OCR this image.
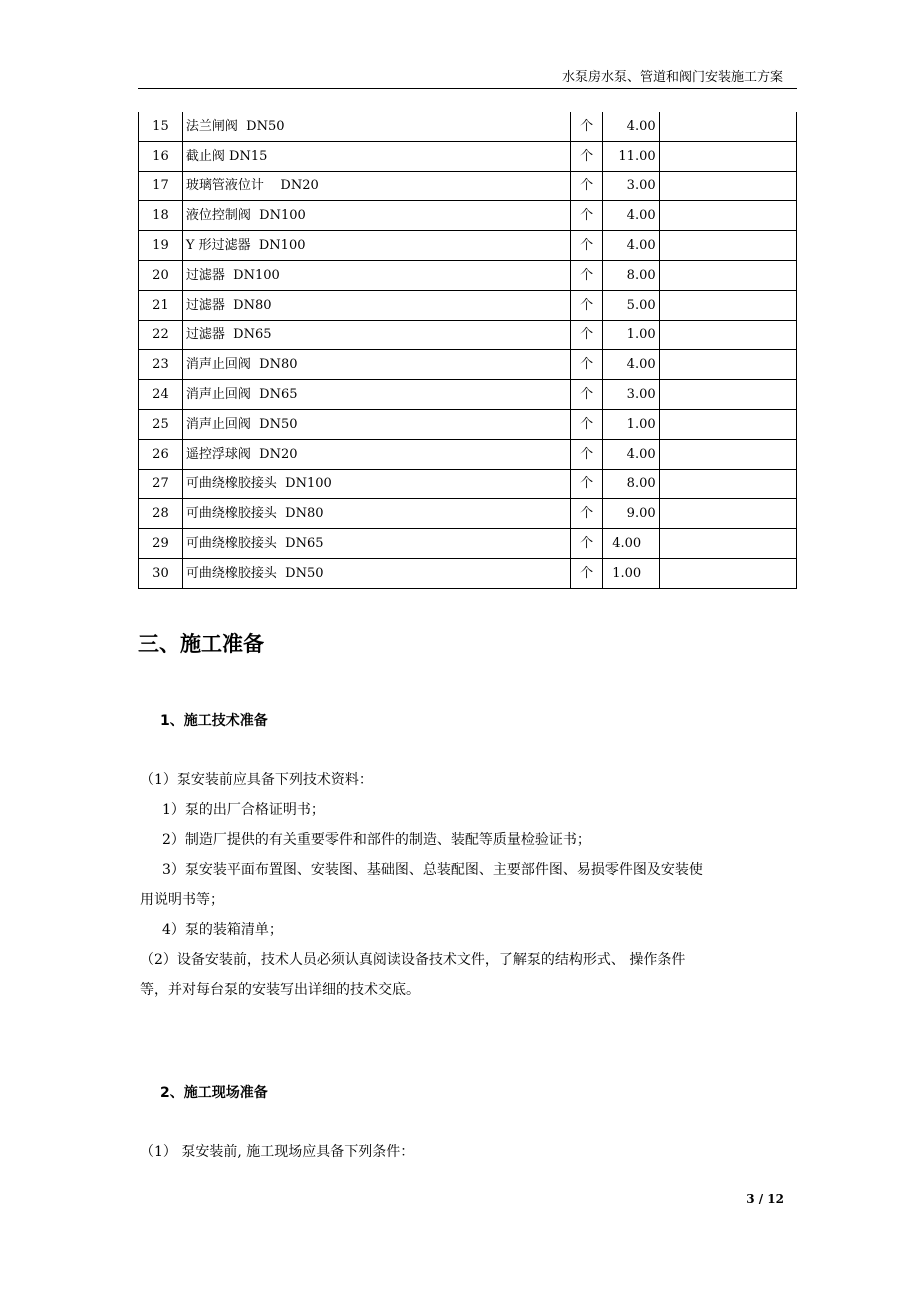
水泵房水泵、管道和阀门安装施工方案
15	法兰闸阀  DN50	个	4.00	
16	截止阀 DN15	个	11.00	
17	玻璃管液位计    DN20	个	3.00	
18	液位控制阀  DN100	个	4.00	
19	Y 形过滤器  DN100	个	4.00	
20	过滤器  DN100	个	8.00	
21	过滤器  DN80	个	5.00	
22	过滤器  DN65	个	1.00	
23	消声止回阀  DN80	个	4.00	
24	消声止回阀  DN65	个	3.00	
25	消声止回阀  DN50	个	1.00	
26	遥控浮球阀  DN20	个	4.00	
27	可曲绕橡胶接头  DN100	个	8.00	
28	可曲绕橡胶接头  DN80	个	9.00	
29	可曲绕橡胶接头  DN65	个	4.00	
30	可曲绕橡胶接头  DN50	个	1.00	
三、施工准备
1、施工技术准备
（1）泵安装前应具备下列技术资料：
1）泵的出厂合格证明书；
2）制造厂提供的有关重要零件和部件的制造、装配等质量检验证书；
3）泵安装平面布置图、安装图、基础图、总装配图、主要部件图、易损零件图及安装使
用说明书等；
4）泵的装箱清单；
（2）设备安装前，技术人员必须认真阅读设备技术文件，了解泵的结构形式、 操作条件
等，并对每台泵的安装写出详细的技术交底。
2、施工现场准备
（1） 泵安装前, 施工现场应具备下列条件：
3 / 12
